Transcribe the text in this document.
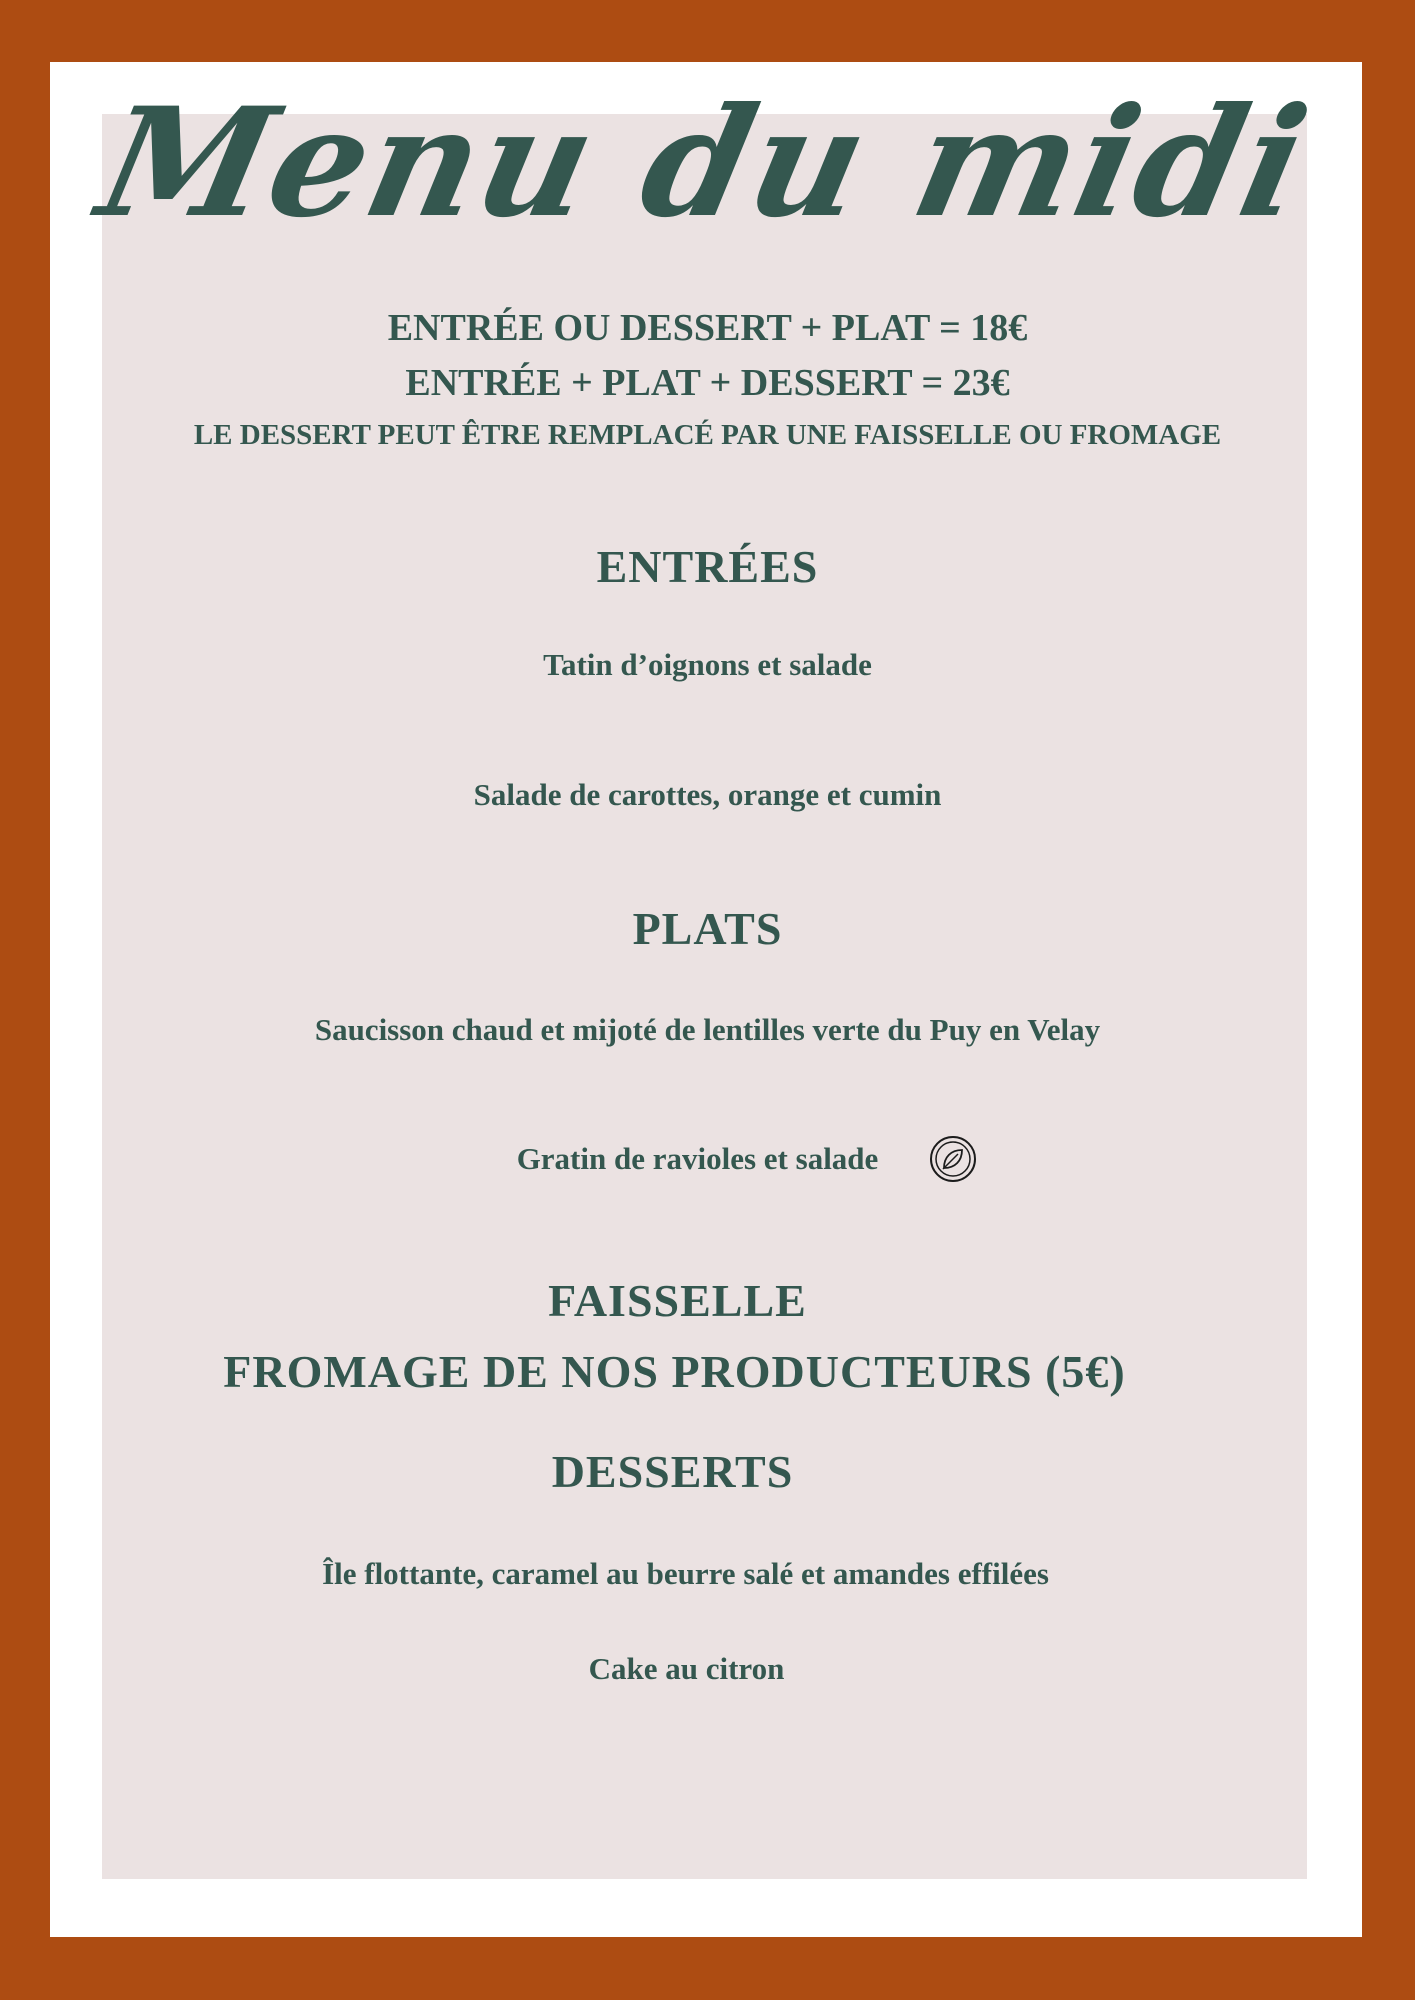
Menu du midi
ENTRÉE OU DESSERT + PLAT = 18€
ENTRÉE + PLAT + DESSERT = 23€
LE DESSERT PEUT ÊTRE REMPLACÉ PAR UNE FAISSELLE OU FROMAGE
ENTRÉES
Tatin d’oignons et salade
Salade de carottes, orange et cumin
PLATS
Saucisson chaud et mijoté de lentilles verte du Puy en Velay
Gratin de ravioles et salade
FAISSELLE
FROMAGE DE NOS PRODUCTEURS (5€)
DESSERTS
Île flottante, caramel au beurre salé et amandes effilées
Cake au citron
